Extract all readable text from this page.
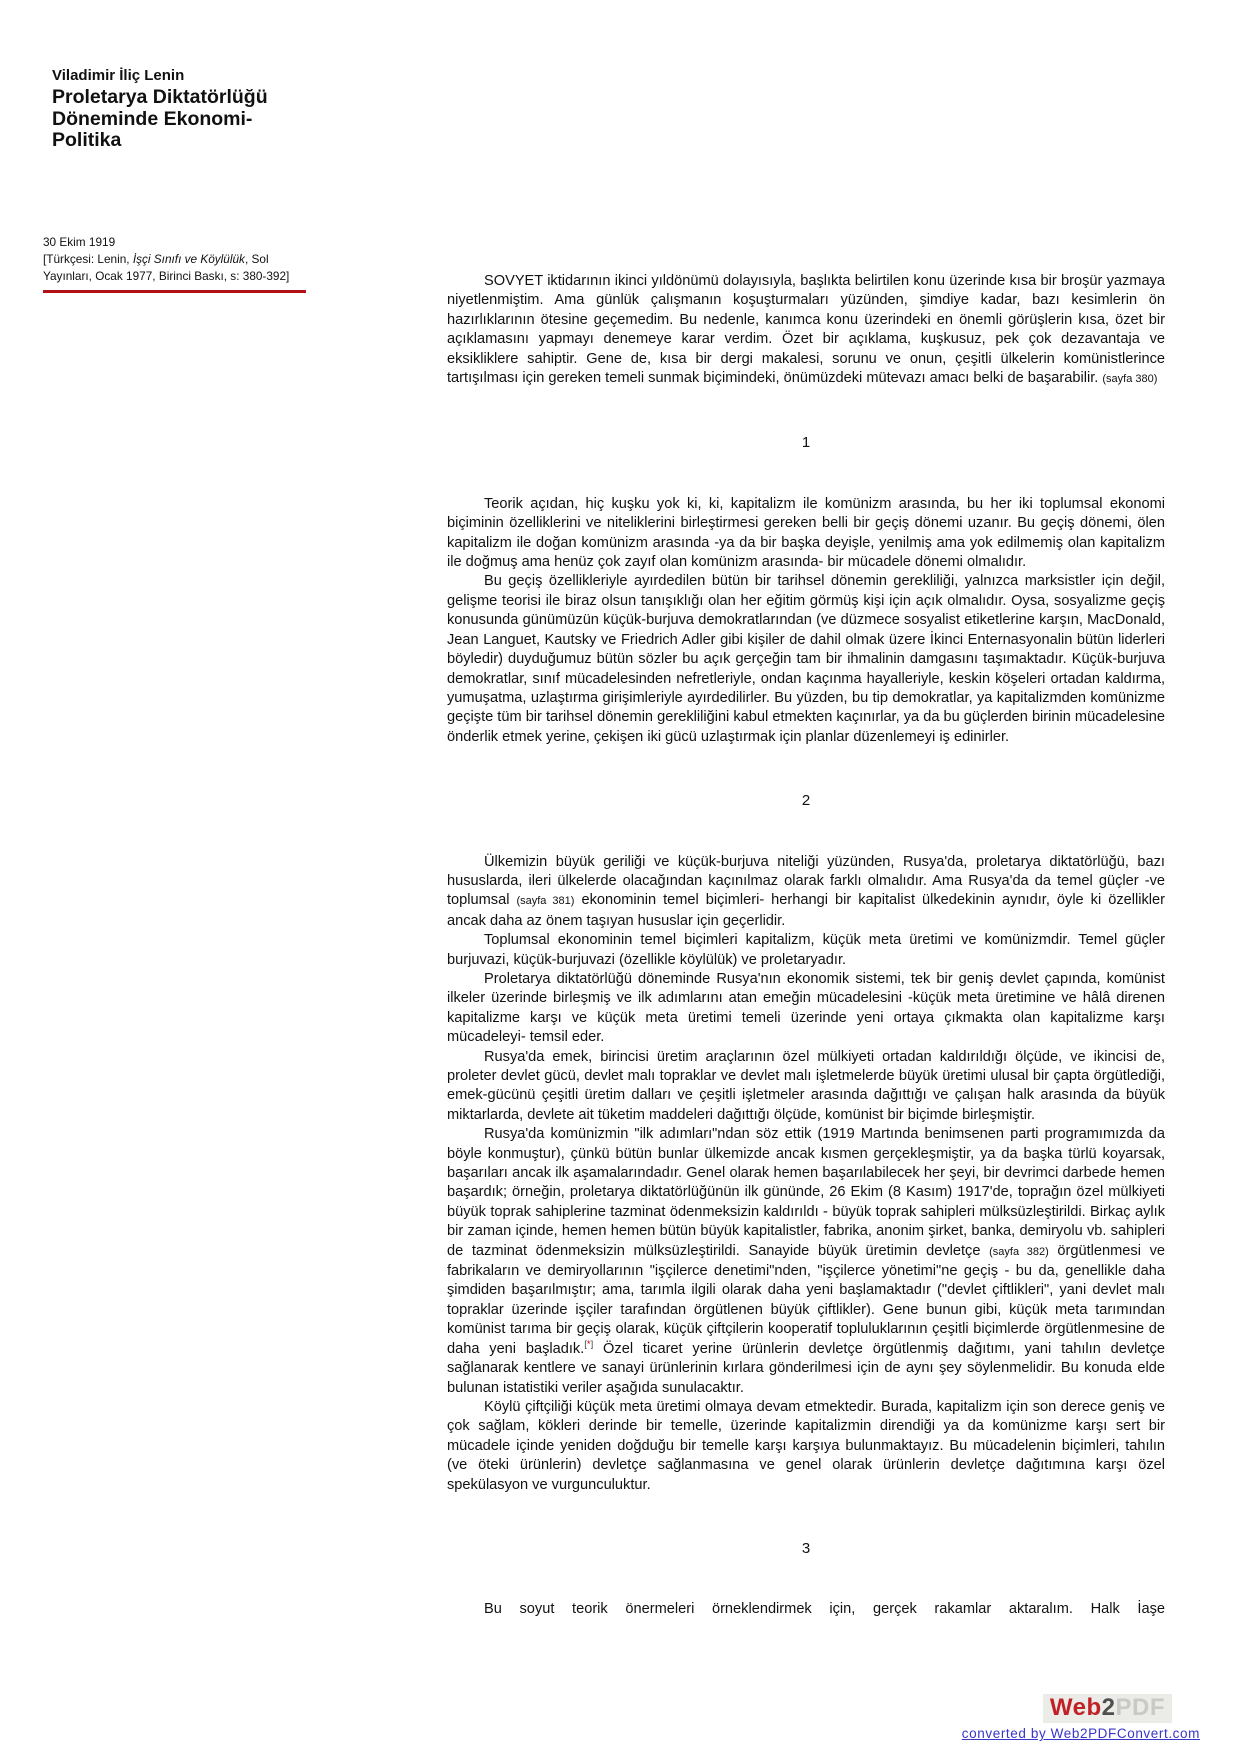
Viladimir İliç Lenin
Proletarya Diktatörlüğü Döneminde Ekonomi-Politika
30 Ekim 1919
[Türkçesi: Lenin, İşçi Sınıfı ve Köylülük, Sol Yayınları, Ocak 1977, Birinci Baskı, s: 380-392]	SOVYET iktidarının ikinci yıldönümü dolayısıyla, başlıkta belirtilen konu üzerinde kısa bir broşür yazmaya niyetlenmiştim. Ama günlük çalışmanın koşuşturmaları yüzünden, şimdiye kadar, bazı kesimlerin ön hazırlıklarının ötesine geçemedim. Bu nedenle, kanımca konu üzerindeki en önemli görüşlerin kısa, özet bir açıklamasını yapmayı denemeye karar verdim. Özet bir açıklama, kuşkusuz, pek çok dezavantaja ve eksikliklere sahiptir. Gene de, kısa bir dergi makalesi, sorunu ve onun, çeşitli ülkelerin komünistlerince tartışılması için gereken temeli sunmak biçimindeki, önümüzdeki mütevazı amacı belki de başarabilir. (sayfa 380)

1

Teorik açıdan, hiç kuşku yok ki, ki, kapitalizm ile komünizm arasında, bu her iki toplumsal ekonomi biçiminin özelliklerini ve niteliklerini birleştirmesi gereken belli bir geçiş dönemi uzanır. Bu geçiş dönemi, ölen kapitalizm ile doğan komünizm arasında -ya da bir başka deyişle, yenilmiş ama yok edilmemiş olan kapitalizm ile doğmuş ama henüz çok zayıf olan komünizm arasında- bir mücadele dönemi olmalıdır.

Bu geçiş özellikleriyle ayırdedilen bütün bir tarihsel dönemin gerekliliği, yalnızca marksistler için değil, gelişme teorisi ile biraz olsun tanışıklığı olan her eğitim görmüş kişi için açık olmalıdır. Oysa, sosyalizme geçiş konusunda günümüzün küçük-burjuva demokratlarından (ve düzmece sosyalist etiketlerine karşın, MacDonald, Jean Languet, Kautsky ve Friedrich Adler gibi kişiler de dahil olmak üzere İkinci Enternasyonalin bütün liderleri böyledir) duyduğumuz bütün sözler bu açık gerçeğin tam bir ihmalinin damgasını taşımaktadır. Küçük-burjuva demokratlar, sınıf mücadelesinden nefretleriyle, ondan kaçınma hayalleriyle, keskin köşeleri ortadan kaldırma, yumuşatma, uzlaştırma girişimleriyle ayırdedilirler. Bu yüzden, bu tip demokratlar, ya kapitalizmden komünizme geçişte tüm bir tarihsel dönemin gerekliliğini kabul etmekten kaçınırlar, ya da bu güçlerden birinin mücadelesine önderlik etmek yerine, çekişen iki gücü uzlaştırmak için planlar düzenlemeyi iş edinirler.

2

Ülkemizin büyük geriliği ve küçük-burjuva niteliği yüzünden, Rusya'da, proletarya diktatörlüğü, bazı hususlarda, ileri ülkelerde olacağından kaçınılmaz olarak farklı olmalıdır. Ama Rusya'da da temel güçler -ve toplumsal (sayfa 381) ekonominin temel biçimleri- herhangi bir kapitalist ülkedekinin aynıdır, öyle ki özellikler ancak daha az önem taşıyan hususlar için geçerlidir.

Toplumsal ekonominin temel biçimleri kapitalizm, küçük meta üretimi ve komünizmdir. Temel güçler burjuvazi, küçük-burjuvazi (özellikle köylülük) ve proletaryadır.

Proletarya diktatörlüğü döneminde Rusya'nın ekonomik sistemi, tek bir geniş devlet çapında, komünist ilkeler üzerinde birleşmiş ve ilk adımlarını atan emeğin mücadelesini -küçük meta üretimine ve hâlâ direnen kapitalizme karşı ve küçük meta üretimi temeli üzerinde yeni ortaya çıkmakta olan kapitalizme karşı mücadeleyi- temsil eder.

Rusya'da emek, birincisi üretim araçlarının özel mülkiyeti ortadan kaldırıldığı ölçüde, ve ikincisi de, proleter devlet gücü, devlet malı topraklar ve devlet malı işletmelerde büyük üretimi ulusal bir çapta örgütlediği, emek-gücünü çeşitli üretim dalları ve çeşitli işletmeler arasında dağıttığı ve çalışan halk arasında da büyük miktarlarda, devlete ait tüketim maddeleri dağıttığı ölçüde, komünist bir biçimde birleşmiştir.

Rusya'da komünizmin "ilk adımları"ndan söz ettik (1919 Martında benimsenen parti programımızda da böyle konmuştur), çünkü bütün bunlar ülkemizde ancak kısmen gerçekleşmiştir, ya da başka türlü koyarsak, başarıları ancak ilk aşamalarındadır. Genel olarak hemen başarılabilecek her şeyi, bir devrimci darbede hemen başardık; örneğin, proletarya diktatörlüğünün ilk gününde, 26 Ekim (8 Kasım) 1917'de, toprağın özel mülkiyeti büyük toprak sahiplerine tazminat ödenmeksizin kaldırıldı - büyük toprak sahipleri mülksüzleştirildi. Birkaç aylık bir zaman içinde, hemen hemen bütün büyük kapitalistler, fabrika, anonim şirket, banka, demiryolu vb. sahipleri de tazminat ödenmeksizin mülksüzleştirildi. Sanayide büyük üretimin devletçe (sayfa 382) örgütlenmesi ve fabrikaların ve demiryollarının "işçilerce denetimi"nden, "işçilerce yönetimi"ne geçiş - bu da, genellikle daha şimdiden başarılmıştır; ama, tarımla ilgili olarak daha yeni başlamaktadır ("devlet çiftlikleri", yani devlet malı topraklar üzerinde işçiler tarafından örgütlenen büyük çiftlikler). Gene bunun gibi, küçük meta tarımından komünist tarıma bir geçiş olarak, küçük çiftçilerin kooperatif topluluklarının çeşitli biçimlerde örgütlenmesine de daha yeni başladık.[*] Özel ticaret yerine ürünlerin devletçe örgütlenmiş dağıtımı, yani tahılın devletçe sağlanarak kentlere ve sanayi ürünlerinin kırlara gönderilmesi için de aynı şey söylenmelidir. Bu konuda elde bulunan istatistiki veriler aşağıda sunulacaktır.

Köylü çiftçiliği küçük meta üretimi olmaya devam etmektedir. Burada, kapitalizm için son derece geniş ve çok sağlam, kökleri derinde bir temelle, üzerinde kapitalizmin direndiği ya da komünizme karşı sert bir mücadele içinde yeniden doğduğu bir temelle karşı karşıya bulunmaktayız. Bu mücadelenin biçimleri, tahılın (ve öteki ürünlerin) devletçe sağlanmasına ve genel olarak ürünlerin devletçe dağıtımına karşı özel spekülasyon ve vurgunculuktur.

3

Bu soyut teorik önermeleri örneklendirmek için, gerçek rakamlar aktaralım. Halk İaşe

Web2PDF
converted by Web2PDFConvert.com
